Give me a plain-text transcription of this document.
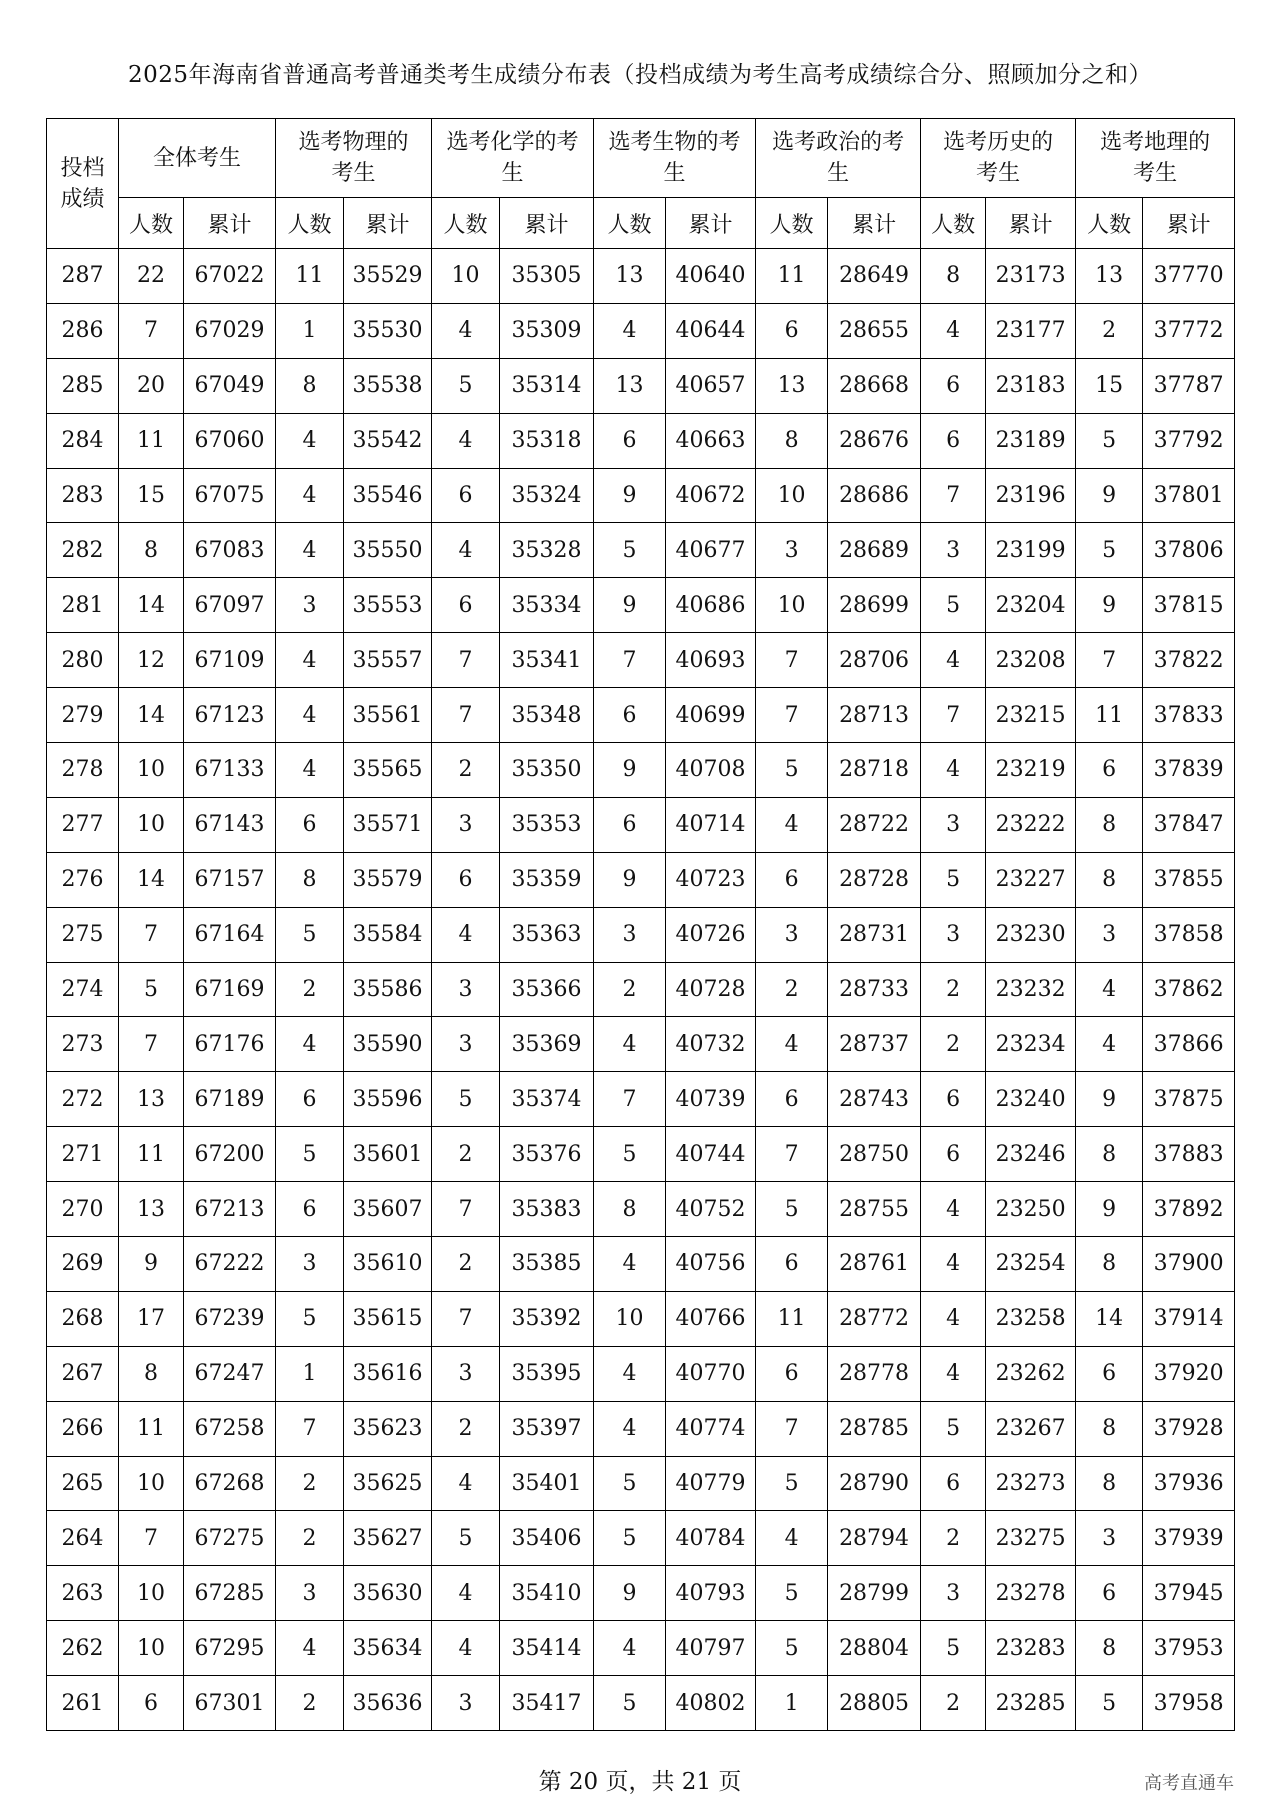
2025年海南省普通高考普通类考生成绩分布表（投档成绩为考生高考成绩综合分、照顾加分之和）
投档成绩	全体考生		选考物理的考生		选考化学的考生		选考生物的考生		选考政治的考生		选考历史的考生		选考地理的考生	
	人数	累计	人数	累计	人数	累计	人数	累计	人数	累计	人数	累计	人数	累计
287	22	67022	11	35529	10	35305	13	40640	11	28649	8	23173	13	37770
286	7	67029	1	35530	4	35309	4	40644	6	28655	4	23177	2	37772
285	20	67049	8	35538	5	35314	13	40657	13	28668	6	23183	15	37787
284	11	67060	4	35542	4	35318	6	40663	8	28676	6	23189	5	37792
283	15	67075	4	35546	6	35324	9	40672	10	28686	7	23196	9	37801
282	8	67083	4	35550	4	35328	5	40677	3	28689	3	23199	5	37806
281	14	67097	3	35553	6	35334	9	40686	10	28699	5	23204	9	37815
280	12	67109	4	35557	7	35341	7	40693	7	28706	4	23208	7	37822
279	14	67123	4	35561	7	35348	6	40699	7	28713	7	23215	11	37833
278	10	67133	4	35565	2	35350	9	40708	5	28718	4	23219	6	37839
277	10	67143	6	35571	3	35353	6	40714	4	28722	3	23222	8	37847
276	14	67157	8	35579	6	35359	9	40723	6	28728	5	23227	8	37855
275	7	67164	5	35584	4	35363	3	40726	3	28731	3	23230	3	37858
274	5	67169	2	35586	3	35366	2	40728	2	28733	2	23232	4	37862
273	7	67176	4	35590	3	35369	4	40732	4	28737	2	23234	4	37866
272	13	67189	6	35596	5	35374	7	40739	6	28743	6	23240	9	37875
271	11	67200	5	35601	2	35376	5	40744	7	28750	6	23246	8	37883
270	13	67213	6	35607	7	35383	8	40752	5	28755	4	23250	9	37892
269	9	67222	3	35610	2	35385	4	40756	6	28761	4	23254	8	37900
268	17	67239	5	35615	7	35392	10	40766	11	28772	4	23258	14	37914
267	8	67247	1	35616	3	35395	4	40770	6	28778	4	23262	6	37920
266	11	67258	7	35623	2	35397	4	40774	7	28785	5	23267	8	37928
265	10	67268	2	35625	4	35401	5	40779	5	28790	6	23273	8	37936
264	7	67275	2	35627	5	35406	5	40784	4	28794	2	23275	3	37939
263	10	67285	3	35630	4	35410	9	40793	5	28799	3	23278	6	37945
262	10	67295	4	35634	4	35414	4	40797	5	28804	5	23283	8	37953
261	6	67301	2	35636	3	35417	5	40802	1	28805	2	23285	5	37958
第 20 页，共 21 页	高考直通车
